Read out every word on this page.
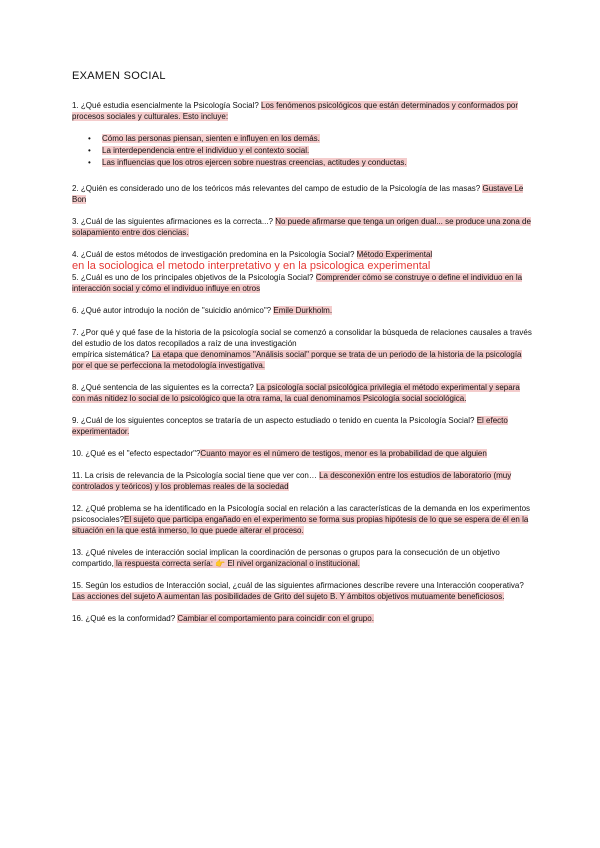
EXAMEN SOCIAL

1. ¿Qué estudia esencialmente la Psicología Social? Los fenómenos psicológicos que están determinados y conformados por procesos sociales y culturales. Esto incluye:

• Cómo las personas piensan, sienten e influyen en los demás.
• La interdependencia entre el individuo y el contexto social.
• Las influencias que los otros ejercen sobre nuestras creencias, actitudes y conductas.

2. ¿Quién es considerado uno de los teóricos más relevantes del campo de estudio de la Psicología de las masas? Gustave Le Bon

3. ¿Cuál de las siguientes afirmaciones es la correcta...? No puede afirmarse que tenga un origen dual... se produce una zona de solapamiento entre dos ciencias.

4. ¿Cuál de estos métodos de investigación predomina en la Psicología Social? Método Experimental

en la sociologica el metodo interpretativo y en la psicologica experimental

5. ¿Cuál es uno de los principales objetivos de la Psicología Social? Comprender cómo se construye o define el individuo en la interacción social y cómo el individuo influye en otros

6. ¿Qué autor introdujo la noción de "suicidio anómico"? Emile Durkholm.

7. ¿Por qué y qué fase de la historia de la psicología social se comenzó a consolidar la búsqueda de relaciones causales a través del estudio de los datos recopilados a raíz de una investigación
empírica sistemática? La etapa que denominamos "Análisis social" porque se trata de un periodo de la historia de la psicología por el que se perfecciona la metodología investigativa.

8. ¿Qué sentencia de las siguientes es la correcta? La psicología social psicológica privilegia el método experimental y separa con más nitidez lo social de lo psicológico que la otra rama, la cual denominamos Psicología social sociológica.

9. ¿Cuál de los siguientes conceptos se trataría de un aspecto estudiado o tenido en cuenta la Psicología Social? El efecto experimentador.

10. ¿Qué es el "efecto espectador"?Cuanto mayor es el número de testigos, menor es la probabilidad de que alguien

11. La crisis de relevancia de la Psicología social tiene que ver con… La desconexión entre los estudios de laboratorio (muy controlados y teóricos) y los problemas reales de la sociedad

12. ¿Qué problema se ha identificado en la Psicología social en relación a las características de la demanda en los experimentos psicosociales?El sujeto que participa engañado en el experimento se forma sus propias hipótesis de lo que se espera de él en la situación en la que está inmerso, lo que puede alterar el proceso.

13. ¿Qué niveles de interacción social implican la coordinación de personas o grupos para la consecución de un objetivo compartido, la respuesta correcta sería: 👉 El nivel organizacional o institucional.

15. Según los estudios de Interacción social, ¿cuál de las siguientes afirmaciones describe revere una Interacción cooperativa? Las acciones del sujeto A aumentan las posibilidades de Grito del sujeto B. Y ámbitos objetivos mutuamente beneficiosos.

16. ¿Qué es la conformidad? Cambiar el comportamiento para coincidir con el grupo.
